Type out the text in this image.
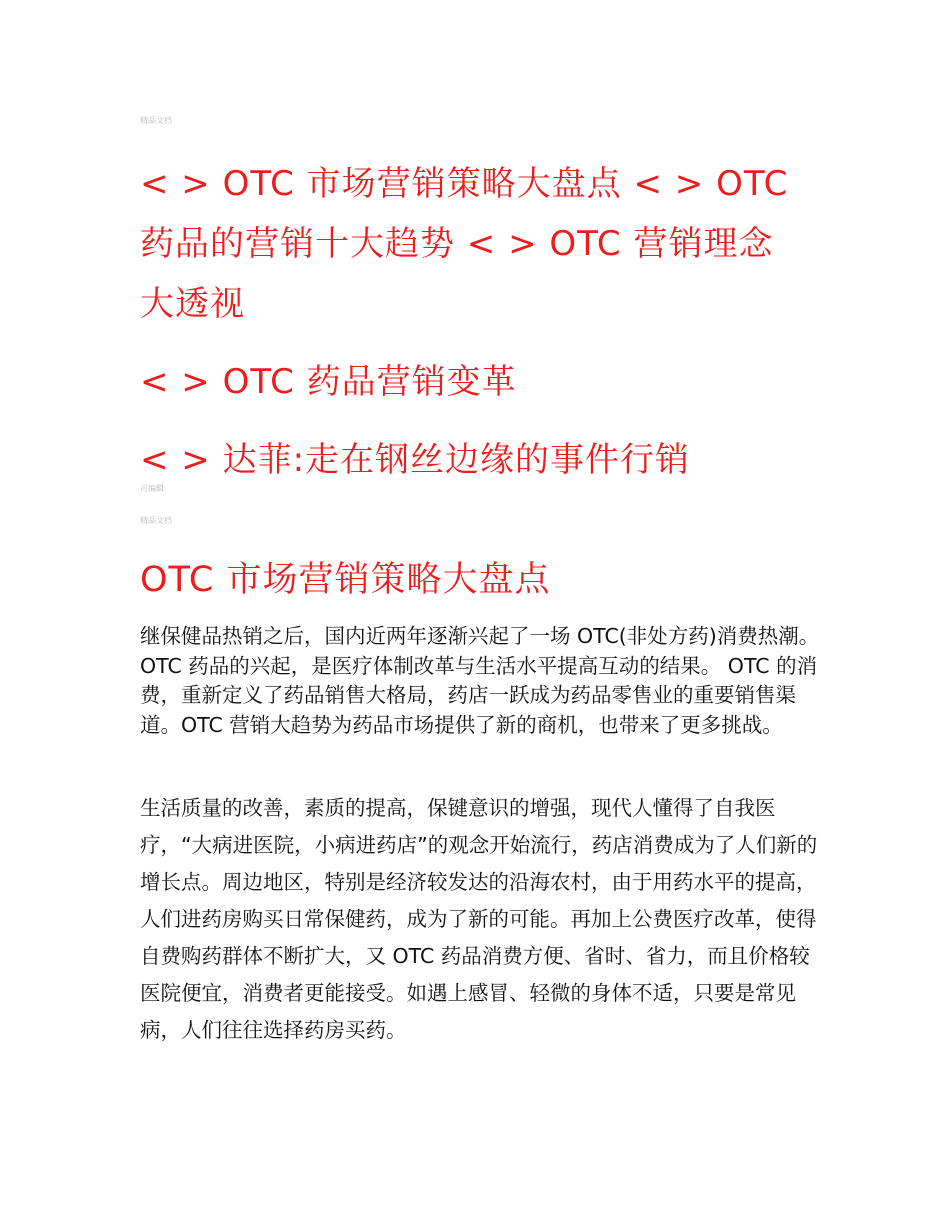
精品文档

< > OTC 市场营销策略大盘点 < > OTC

药品的营销十大趋势 < > OTC 营销理念

大透视

< > OTC 药品营销变革

< > 达菲:走在钢丝边缘的事件行销

可编辑
精品文档
OTC 市场营销策略大盘点

继保健品热销之后，国内近两年逐渐兴起了一场 OTC(非处方药)消费热潮。OTC 药品的兴起，是医疗体制改革与生活水平提高互动的结果。 OTC 的消费，重新定义了药品销售大格局，药店一跃成为药品零售业的重要销售渠道。OTC 营销大趋势为药品市场提供了新的商机，也带来了更多挑战。

生活质量的改善，素质的提高，保键意识的增强，现代人懂得了自我医疗，“大病进医院，小病进药店”的观念开始流行，药店消费成为了人们新的增长点。周边地区，特别是经济较发达的沿海农村，由于用药水平的提高，人们进药房购买日常保健药，成为了新的可能。再加上公费医疗改革，使得自费购药群体不断扩大，又 OTC 药品消费方便、省时、省力，而且价格较医院便宜，消费者更能接受。如遇上感冒、轻微的身体不适，只要是常见病，人们往往选择药房买药。
